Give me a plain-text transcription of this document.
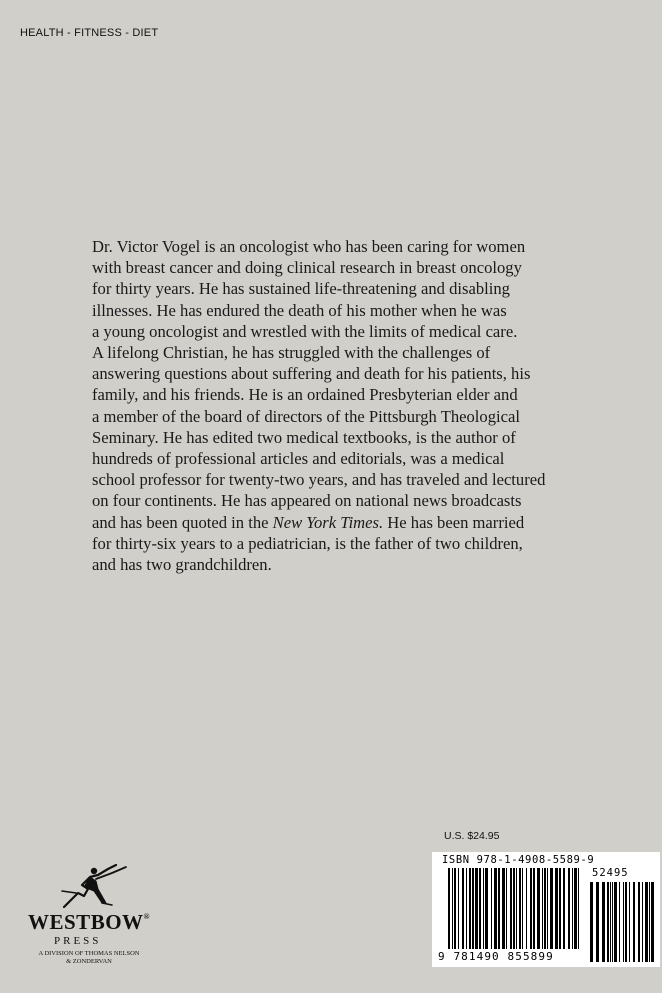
HEALTH - FITNESS - DIET
Dr. Victor Vogel is an oncologist who has been caring for women
with breast cancer and doing clinical research in breast oncology
for thirty years. He has sustained life-threatening and disabling
illnesses. He has endured the death of his mother when he was
a young oncologist and wrestled with the limits of medical care.
A lifelong Christian, he has struggled with the challenges of
answering questions about suffering and death for his patients, his
family, and his friends. He is an ordained Presbyterian elder and
a member of the board of directors of the Pittsburgh Theological
Seminary. He has edited two medical textbooks, is the author of
hundreds of professional articles and editorials, was a medical
school professor for twenty-two years, and has traveled and lectured
on four continents. He has appeared on national news broadcasts
and has been quoted in the New York Times. He has been married
for thirty-six years to a pediatrician, is the father of two children,
and has two grandchildren.
U.S. $24.95
ISBN 978-1-4908-5589-9
52495
9 781490 855899
WESTBOW®
PRESS
A DIVISION OF THOMAS NELSON
& ZONDERVAN
